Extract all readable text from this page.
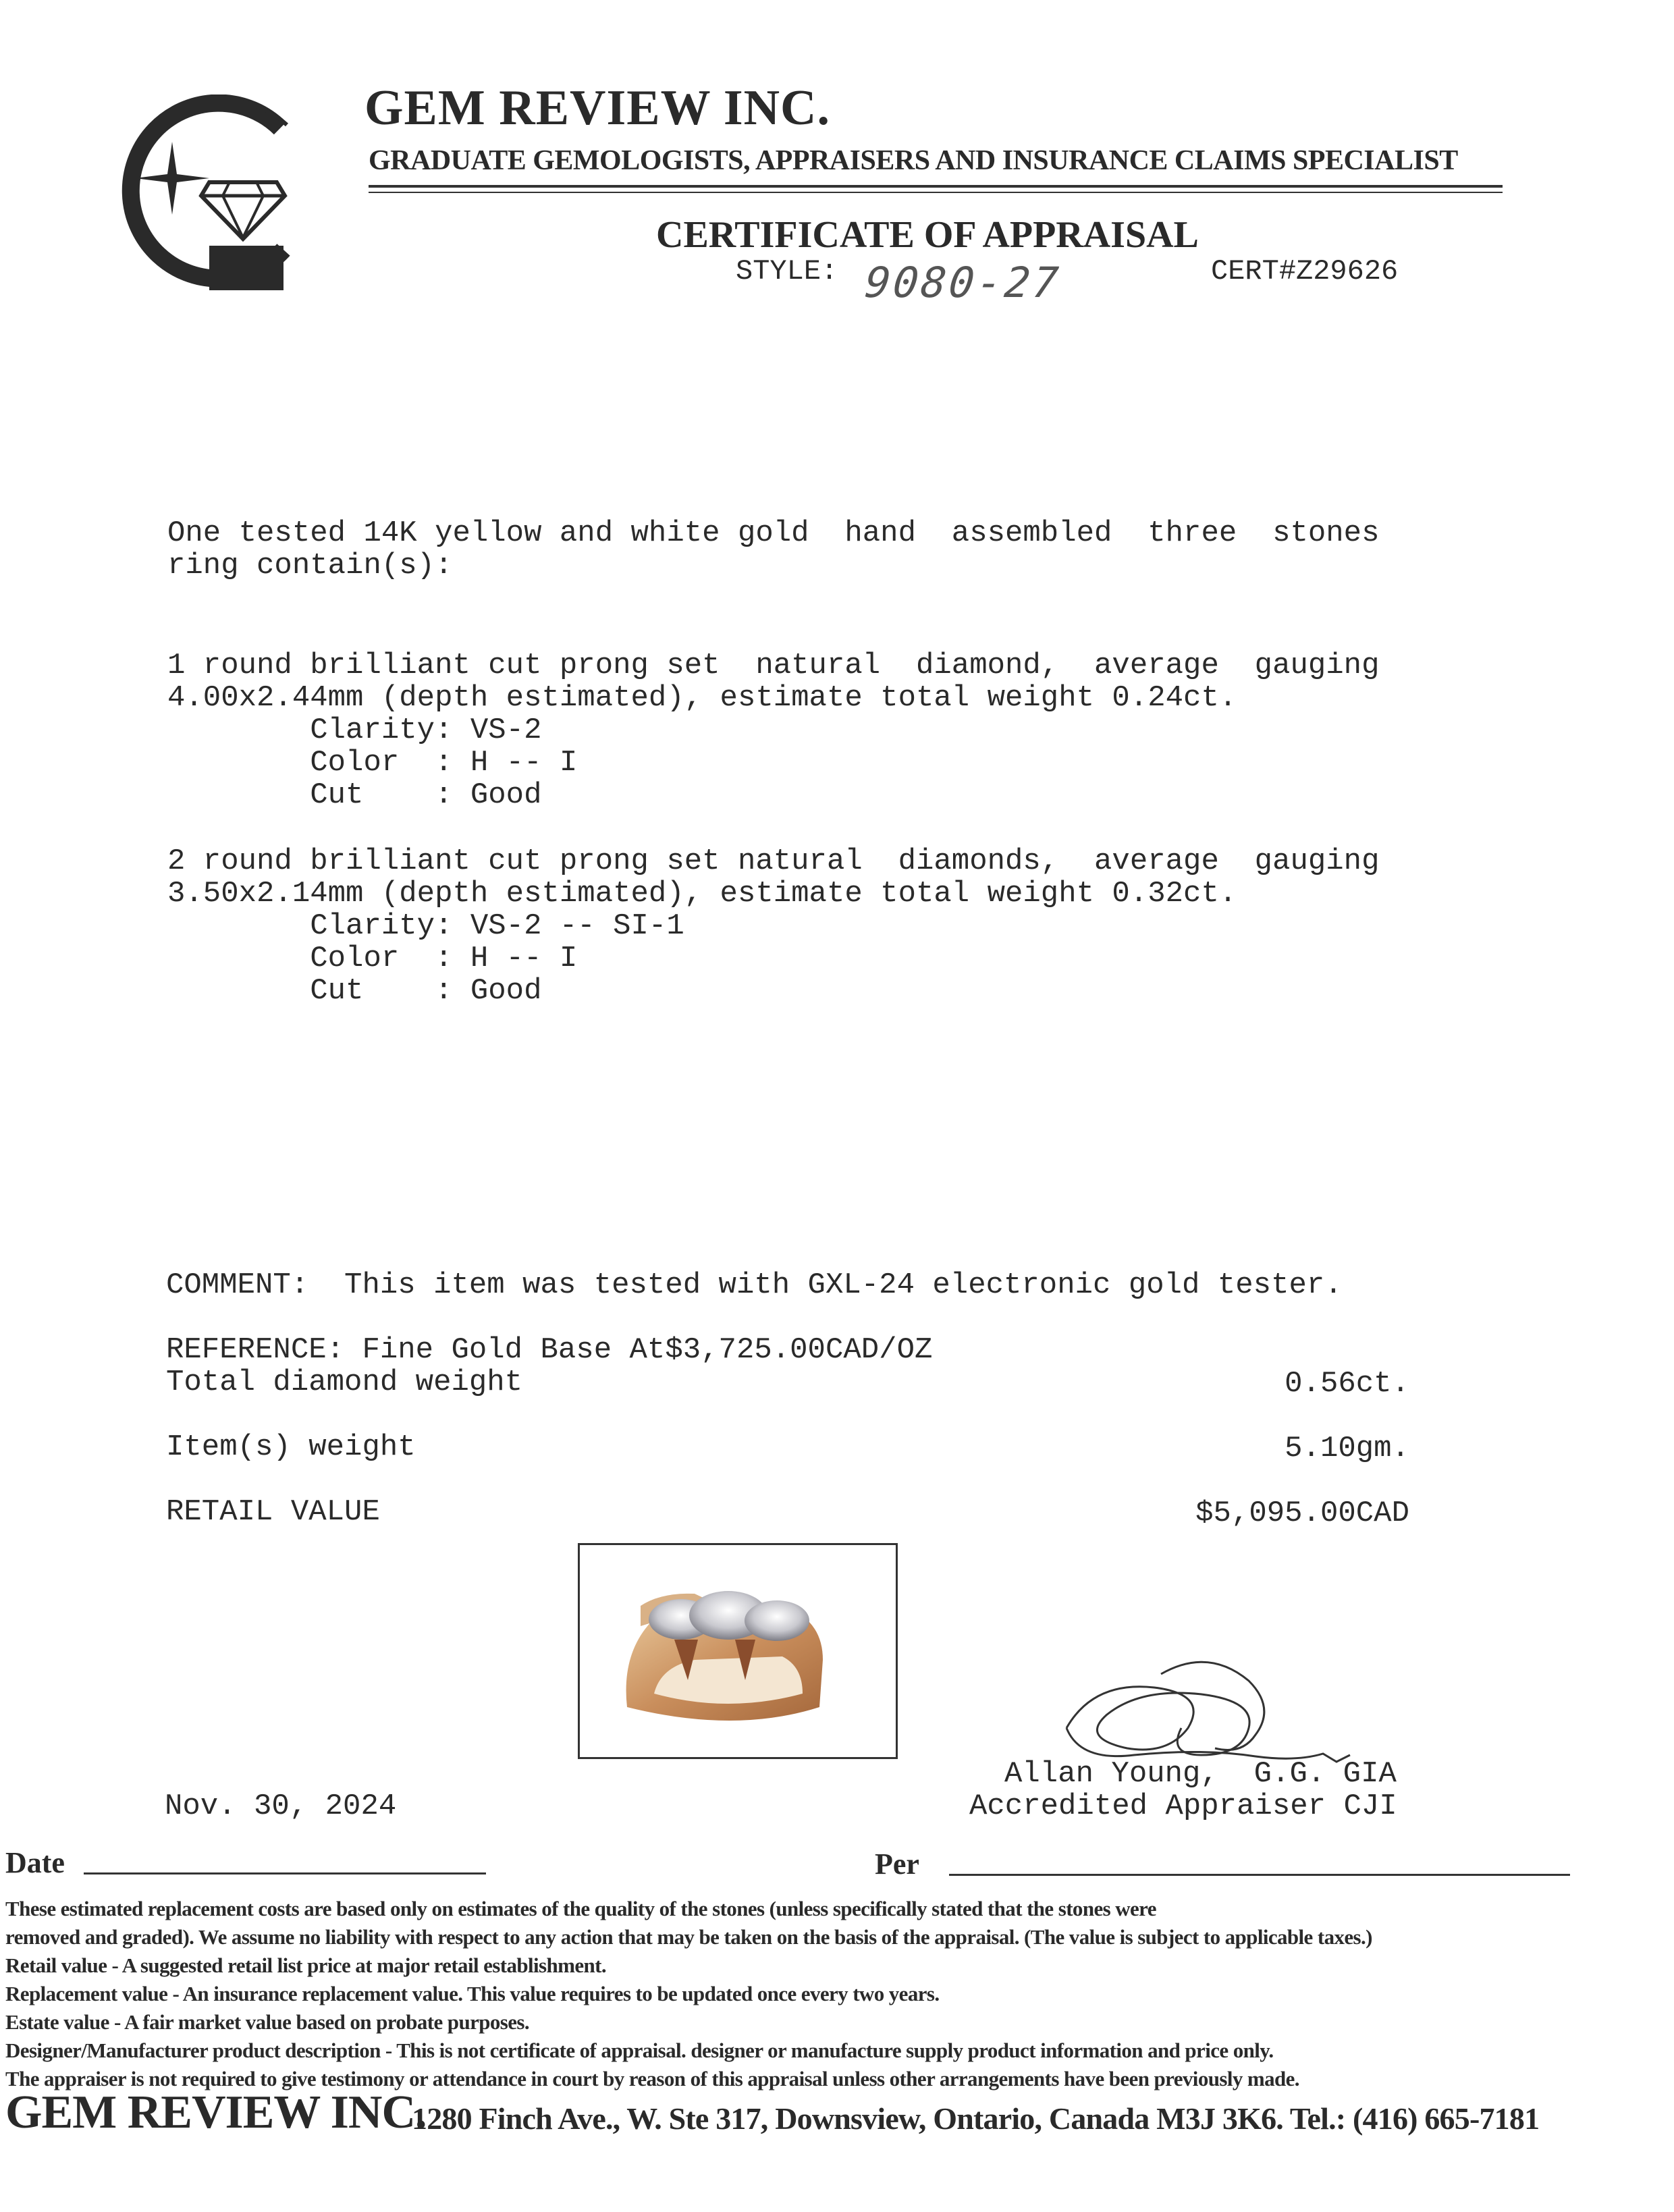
GEM REVIEW INC.
GRADUATE GEMOLOGISTS, APPRAISERS AND INSURANCE CLAIMS SPECIALIST
CERTIFICATE OF APPRAISAL
STYLE: 9080-27	CERT#Z29626
One tested 14K yellow and white gold  hand  assembled  three  stones
ring contain(s):
1 round brilliant cut prong set  natural  diamond,  average  gauging
4.00x2.44mm (depth estimated), estimate total weight 0.24ct.
Clarity: VS-2
Color  : H -- I
Cut    : Good
2 round brilliant cut prong set natural  diamonds,  average  gauging
3.50x2.14mm (depth estimated), estimate total weight 0.32ct.
Clarity: VS-2 -- SI-1
Color  : H -- I
Cut    : Good
COMMENT:  This item was tested with GXL-24 electronic gold tester.
REFERENCE: Fine Gold Base At$3,725.00CAD/OZ
Total diamond weight	0.56ct.
Item(s) weight	5.10gm.
RETAIL VALUE	$5,095.00CAD
Nov. 30, 2024
Allan Young,  G.G. GIA
Accredited Appraiser CJI
Date	Per
These estimated replacement costs are based only on estimates of the quality of the stones (unless specifically stated that the stones were
removed and graded). We assume no liability with respect to any action that may be taken on the basis of the appraisal. (The value is subject to applicable taxes.)
Retail value - A suggested retail list price at major retail establishment.
Replacement value - An insurance replacement value. This value requires to be updated once every two years.
Estate value - A fair market value based on probate purposes.
Designer/Manufacturer product description - This is not certificate of appraisal. designer or manufacture supply product information and price only.
The appraiser is not required to give testimony or attendance in court by reason of this appraisal unless other arrangements have been previously made.
GEM REVIEW INC.
1280 Finch Ave., W. Ste 317, Downsview, Ontario, Canada M3J 3K6. Tel.: (416) 665-7181
